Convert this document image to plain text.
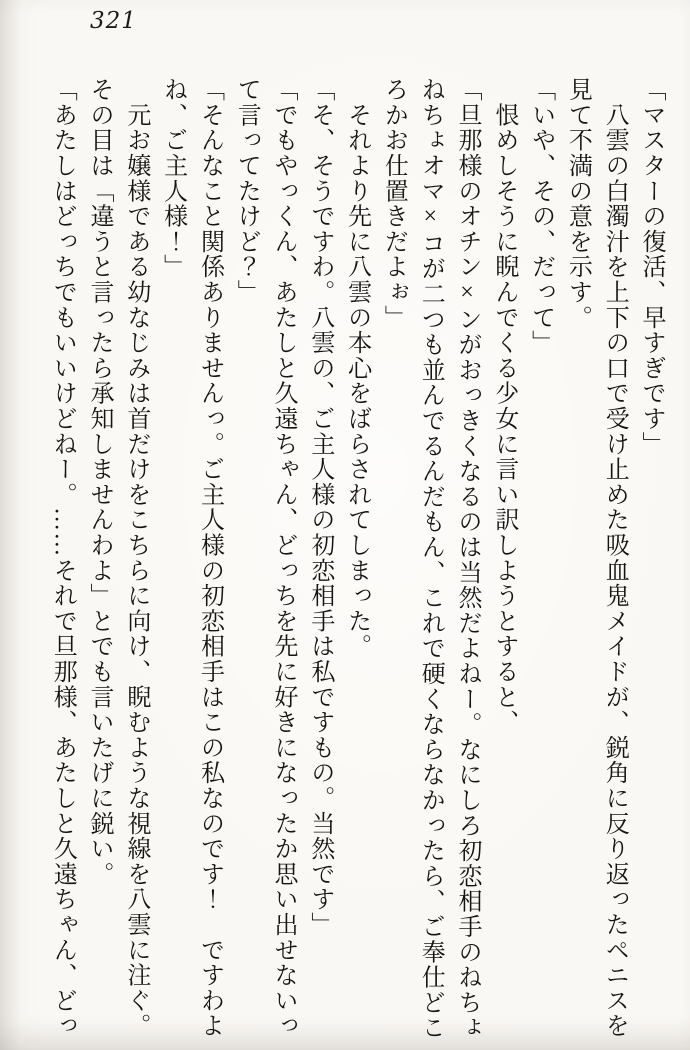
321
「マスターの復活、早すぎです」
　八雲の白濁汁を上下の口で受け止めた吸血鬼メイドが、鋭角に反り返ったペニスを
見て不満の意を示す。
「いや、その、だって」
　恨めしそうに睨んでくる少女に言い訳しようとすると、
「旦那様のオチン×ンがおっきくなるのは当然だよねー。なにしろ初恋相手のねちょ
ねちょオマ×コが二つも並んでるんだもん、これで硬くならなかったら、ご奉仕どこ
ろかお仕置きだよぉ」
　それより先に八雲の本心をばらされてしまった。
「そ、そうですわ。八雲の、ご主人様の初恋相手は私ですもの。当然です」
「でもやっくん、あたしと久遠ちゃん、どっちを先に好きになったか思い出せないっ
て言ってたけど？」
「そんなこと関係ありませんっ。ご主人様の初恋相手はこの私なのです！　ですわよ
ね、ご主人様！」
　元お嬢様である幼なじみは首だけをこちらに向け、睨むような視線を八雲に注ぐ。
その目は「違うと言ったら承知しませんわよ」とでも言いたげに鋭い。
「あたしはどっちでもいいけどねー。……それで旦那様、あたしと久遠ちゃん、どっ
